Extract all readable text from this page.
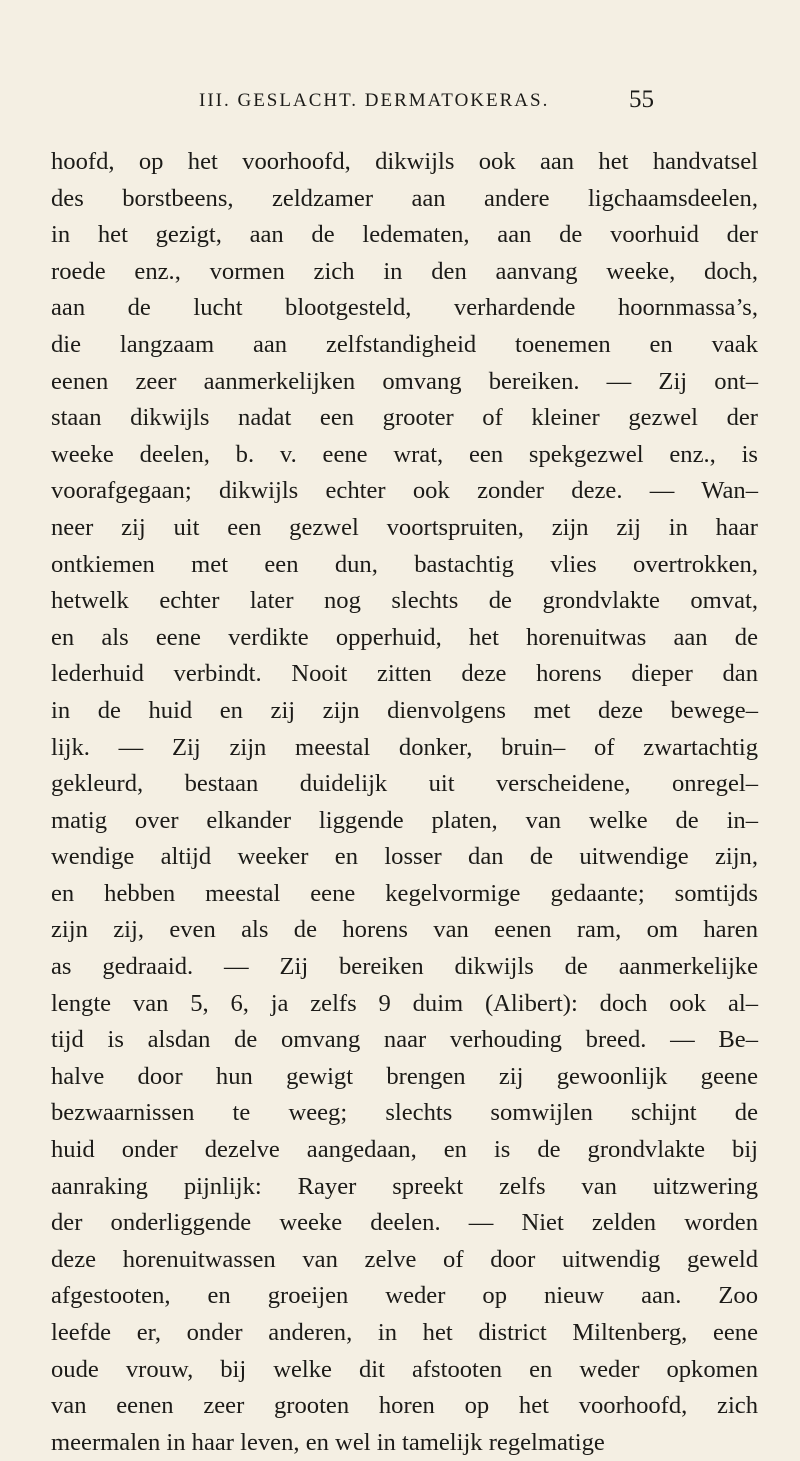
III. GESLACHT. DERMATOKERAS.	55
hoofd, op het voorhoofd, dikwijls ook aan het handvatsel
des borstbeens, zeldzamer aan andere ligchaamsdeelen,
in het gezigt, aan de ledematen, aan de voorhuid der
roede enz., vormen zich in den aanvang weeke, doch,
aan de lucht blootgesteld, verhardende hoornmassa’s,
die langzaam aan zelfstandigheid toenemen en vaak
eenen zeer aanmerkelijken omvang bereiken. — Zij ont–
staan dikwijls nadat een grooter of kleiner gezwel der
weeke deelen, b. v. eene wrat, een spekgezwel enz., is
voorafgegaan; dikwijls echter ook zonder deze. — Wan–
neer zij uit een gezwel voortspruiten, zijn zij in haar
ontkiemen met een dun, bastachtig vlies overtrokken,
hetwelk echter later nog slechts de grondvlakte omvat,
en als eene verdikte opperhuid, het horenuitwas aan de
lederhuid verbindt. Nooit zitten deze horens dieper dan
in de huid en zij zijn dienvolgens met deze bewege–
lijk. — Zij zijn meestal donker, bruin– of zwartachtig
gekleurd, bestaan duidelijk uit verscheidene, onregel–
matig over elkander liggende platen, van welke de in–
wendige altijd weeker en losser dan de uitwendige zijn,
en hebben meestal eene kegelvormige gedaante; somtijds
zijn zij, even als de horens van eenen ram, om haren
as gedraaid. — Zij bereiken dikwijls de aanmerkelijke
lengte van 5, 6, ja zelfs 9 duim (Alibert): doch ook al–
tijd is alsdan de omvang naar verhouding breed. — Be–
halve door hun gewigt brengen zij gewoonlijk geene
bezwaarnissen te weeg; slechts somwijlen schijnt de
huid onder dezelve aangedaan, en is de grondvlakte bij
aanraking pijnlijk: Rayer spreekt zelfs van uitzwering
der onderliggende weeke deelen. — Niet zelden worden
deze horenuitwassen van zelve of door uitwendig geweld
afgestooten, en groeijen weder op nieuw aan. Zoo
leefde er, onder anderen, in het district Miltenberg, eene
oude vrouw, bij welke dit afstooten en weder opkomen
van eenen zeer grooten horen op het voorhoofd, zich
meermalen in haar leven, en wel in tamelijk regelmatige
